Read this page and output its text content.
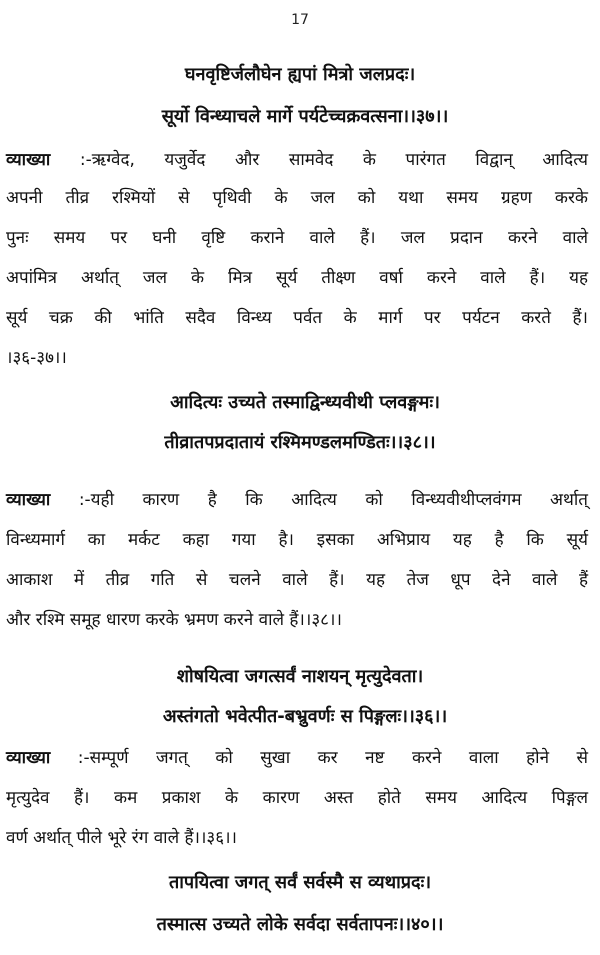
17
घनवृष्टिर्जलौघेन ह्यपां मित्रो जलप्रदः।
सूर्यो विन्ध्याचले मार्गे पर्यटेच्चक्रवत्सना।।३७।।
व्याख्या :-ऋग्वेद, यजुर्वेद और सामवेद के पारंगत विद्वान् आदित्य
अपनी तीव्र रश्मियों से पृथिवी के जल को यथा समय ग्रहण करके
पुनः समय पर घनी वृष्टि कराने वाले हैं। जल प्रदान करने वाले
अपांमित्र अर्थात् जल के मित्र सूर्य तीक्ष्ण वर्षा करने वाले हैं। यह
सूर्य चक्र की भांति सदैव विन्ध्य पर्वत के मार्ग पर पर्यटन करते हैं।
।३६-३७।।
आदित्यः उच्यते तस्माद्विन्ध्यवीथी प्लवङ्गमः।
तीव्रातपप्रदातायं रश्मिमण्डलमण्डितः।।३८।।
व्याख्या :-यही कारण है कि आदित्य को विन्ध्यवीथीप्लवंगम अर्थात्
विन्ध्यमार्ग का मर्कट कहा गया है। इसका अभिप्राय यह है कि सूर्य
आकाश में तीव्र गति से चलने वाले हैं। यह तेज धूप देने वाले हैं
और रश्मि समूह धारण करके भ्रमण करने वाले हैं।।३८।।
शोषयित्वा जगत्सर्वं नाशयन् मृत्युदेवता।
अस्तंगतो भवेत्पीत-बभ्रुवर्णः स पिङ्गलः।।३६।।
व्याख्या :-सम्पूर्ण जगत् को सुखा कर नष्ट करने वाला होने से
मृत्युदेव हैं। कम प्रकाश के कारण अस्त होते समय आदित्य पिङ्गल
वर्ण अर्थात् पीले भूरे रंग वाले हैं।।३६।।
तापयित्वा जगत् सर्वं सर्वस्मै स व्यथाप्रदः।
तस्मात्स उच्यते लोके सर्वदा सर्वतापनः।।४०।।
